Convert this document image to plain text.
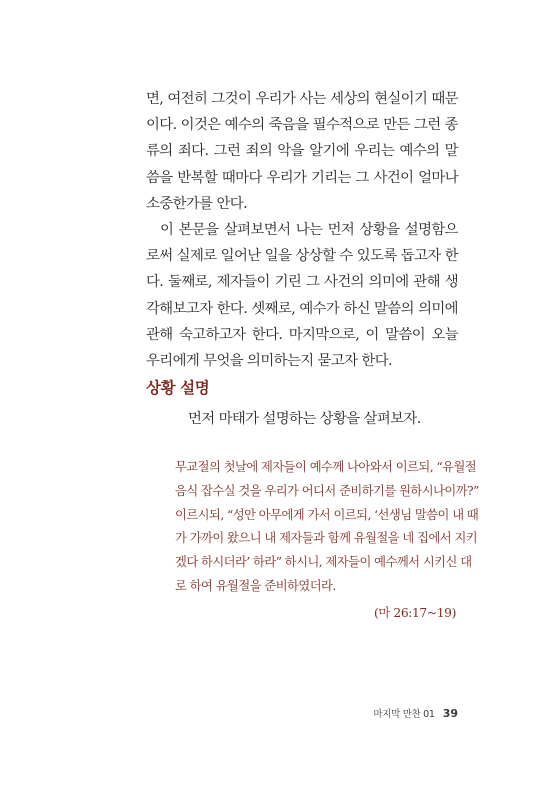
면, 여전히 그것이 우리가 사는 세상의 현실이기 때문이다. 이것은 예수의 죽음을 필수적으로 만든 그런 종류의 죄다. 그런 죄의 악을 알기에 우리는 예수의 말씀을 반복할 때마다 우리가 기리는 그 사건이 얼마나 소중한가를 안다.

이 본문을 살펴보면서 나는 먼저 상황을 설명함으로써 실제로 일어난 일을 상상할 수 있도록 돕고자 한다. 둘째로, 제자들이 기린 그 사건의 의미에 관해 생각해보고자 한다. 셋째로, 예수가 하신 말씀의 의미에 관해 숙고하고자 한다. 마지막으로, 이 말씀이 오늘 우리에게 무엇을 의미하는지 묻고자 한다.

상황 설명
먼저 마태가 설명하는 상황을 살펴보자.
무교절의 첫날에 제자들이 예수께 나아와서 이르되, “유월절
음식 잡수실 것을 우리가 어디서 준비하기를 원하시나이까?”
이르시되, “성안 아무에게 가서 이르되, ‘선생님 말씀이 내 때
가 가까이 왔으니 내 제자들과 함께 유월절을 네 집에서 지키
겠다 하시더라’ 하라” 하시니, 제자들이 예수께서 시키신 대
로 하여 유월절을 준비하였더라.
(마 26:17~19)
마지막 만찬 01 39
